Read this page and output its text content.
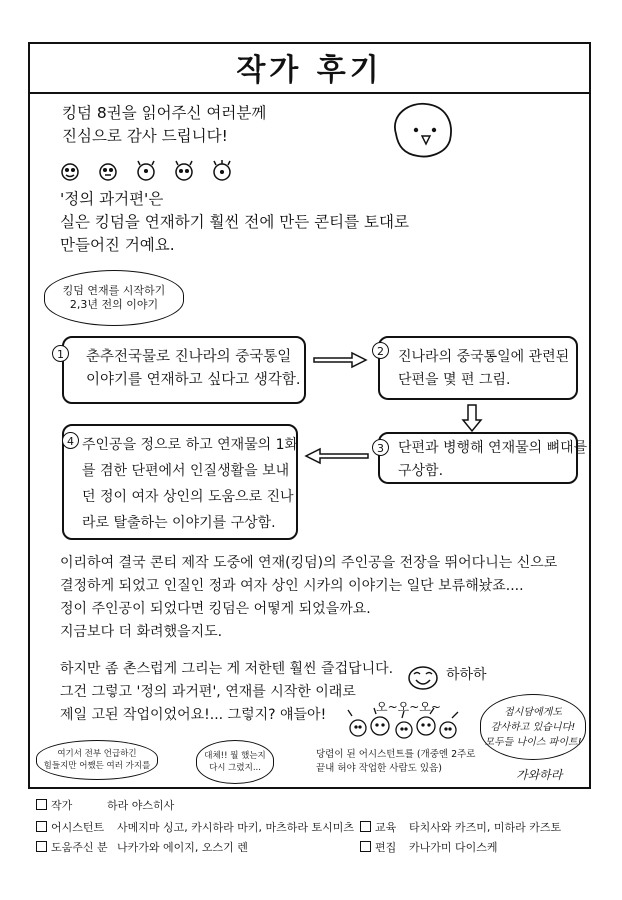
작가 후기
킹덤 8권을 읽어주신 여러분께
진심으로 감사 드립니다!
'정의 과거편'은
실은 킹덤을 연재하기 훨씬 전에 만든 콘티를 토대로
만들어진 거예요.
킹덤 연재를 시작하기
2,3년 전의 이야기
춘추전국물로 진나라의 중국통일
이야기를 연재하고 싶다고 생각함.
1	진나라의 중국통일에 관련된
단편을 몇 편 그림.
2
단편과 병행해 연재물의 뼈대를
구상함.
3
주인공을 정으로 하고 연재물의 1화
를 겸한 단편에서 인질생활을 보내
던 정이 여자 상인의 도움으로 진나
라로 탈출하는 이야기를 구상함.
4
이리하여 결국 콘티 제작 도중에 연재(킹덤)의 주인공을 전장을 뛰어다니는 신으로
결정하게 되었고 인질인 정과 여자 상인 시카의 이야기는 일단 보류해놨죠....
정이 주인공이 되었다면 킹덤은 어떻게 되었을까요.
지금보다 더 화려했을지도.
하지만 좀 촌스럽게 그리는 게 저한텐 훨씬 즐겁답니다.
그건 그렇고 '정의 과거편', 연재를 시작한 이래로
제일 고된 작업이었어요!... 그렇지? 얘들아!
하하하
오~오~오~	접시담에게도
감사하고 있습니다!
모두들 나이스 파이트!
여기서 전부 언급하긴
힘들지만 어쨌든 여러 가지를
대체!! 뭘 했는지
다시 그렸지...
당렴이 된 어시스턴트를 (개중엔 2주로
끝내 허야 작업한 사람도 있음)	가와하라
작가	하라 야스히사
어시스턴트 사메지마 싱고, 카시하라 마키, 마츠하라 토시미츠	교육 타치사와 카즈미, 미하라 카즈토
도움주신 분 나카가와 에이지, 오스기 렌	편집 카나가미 다이스케
